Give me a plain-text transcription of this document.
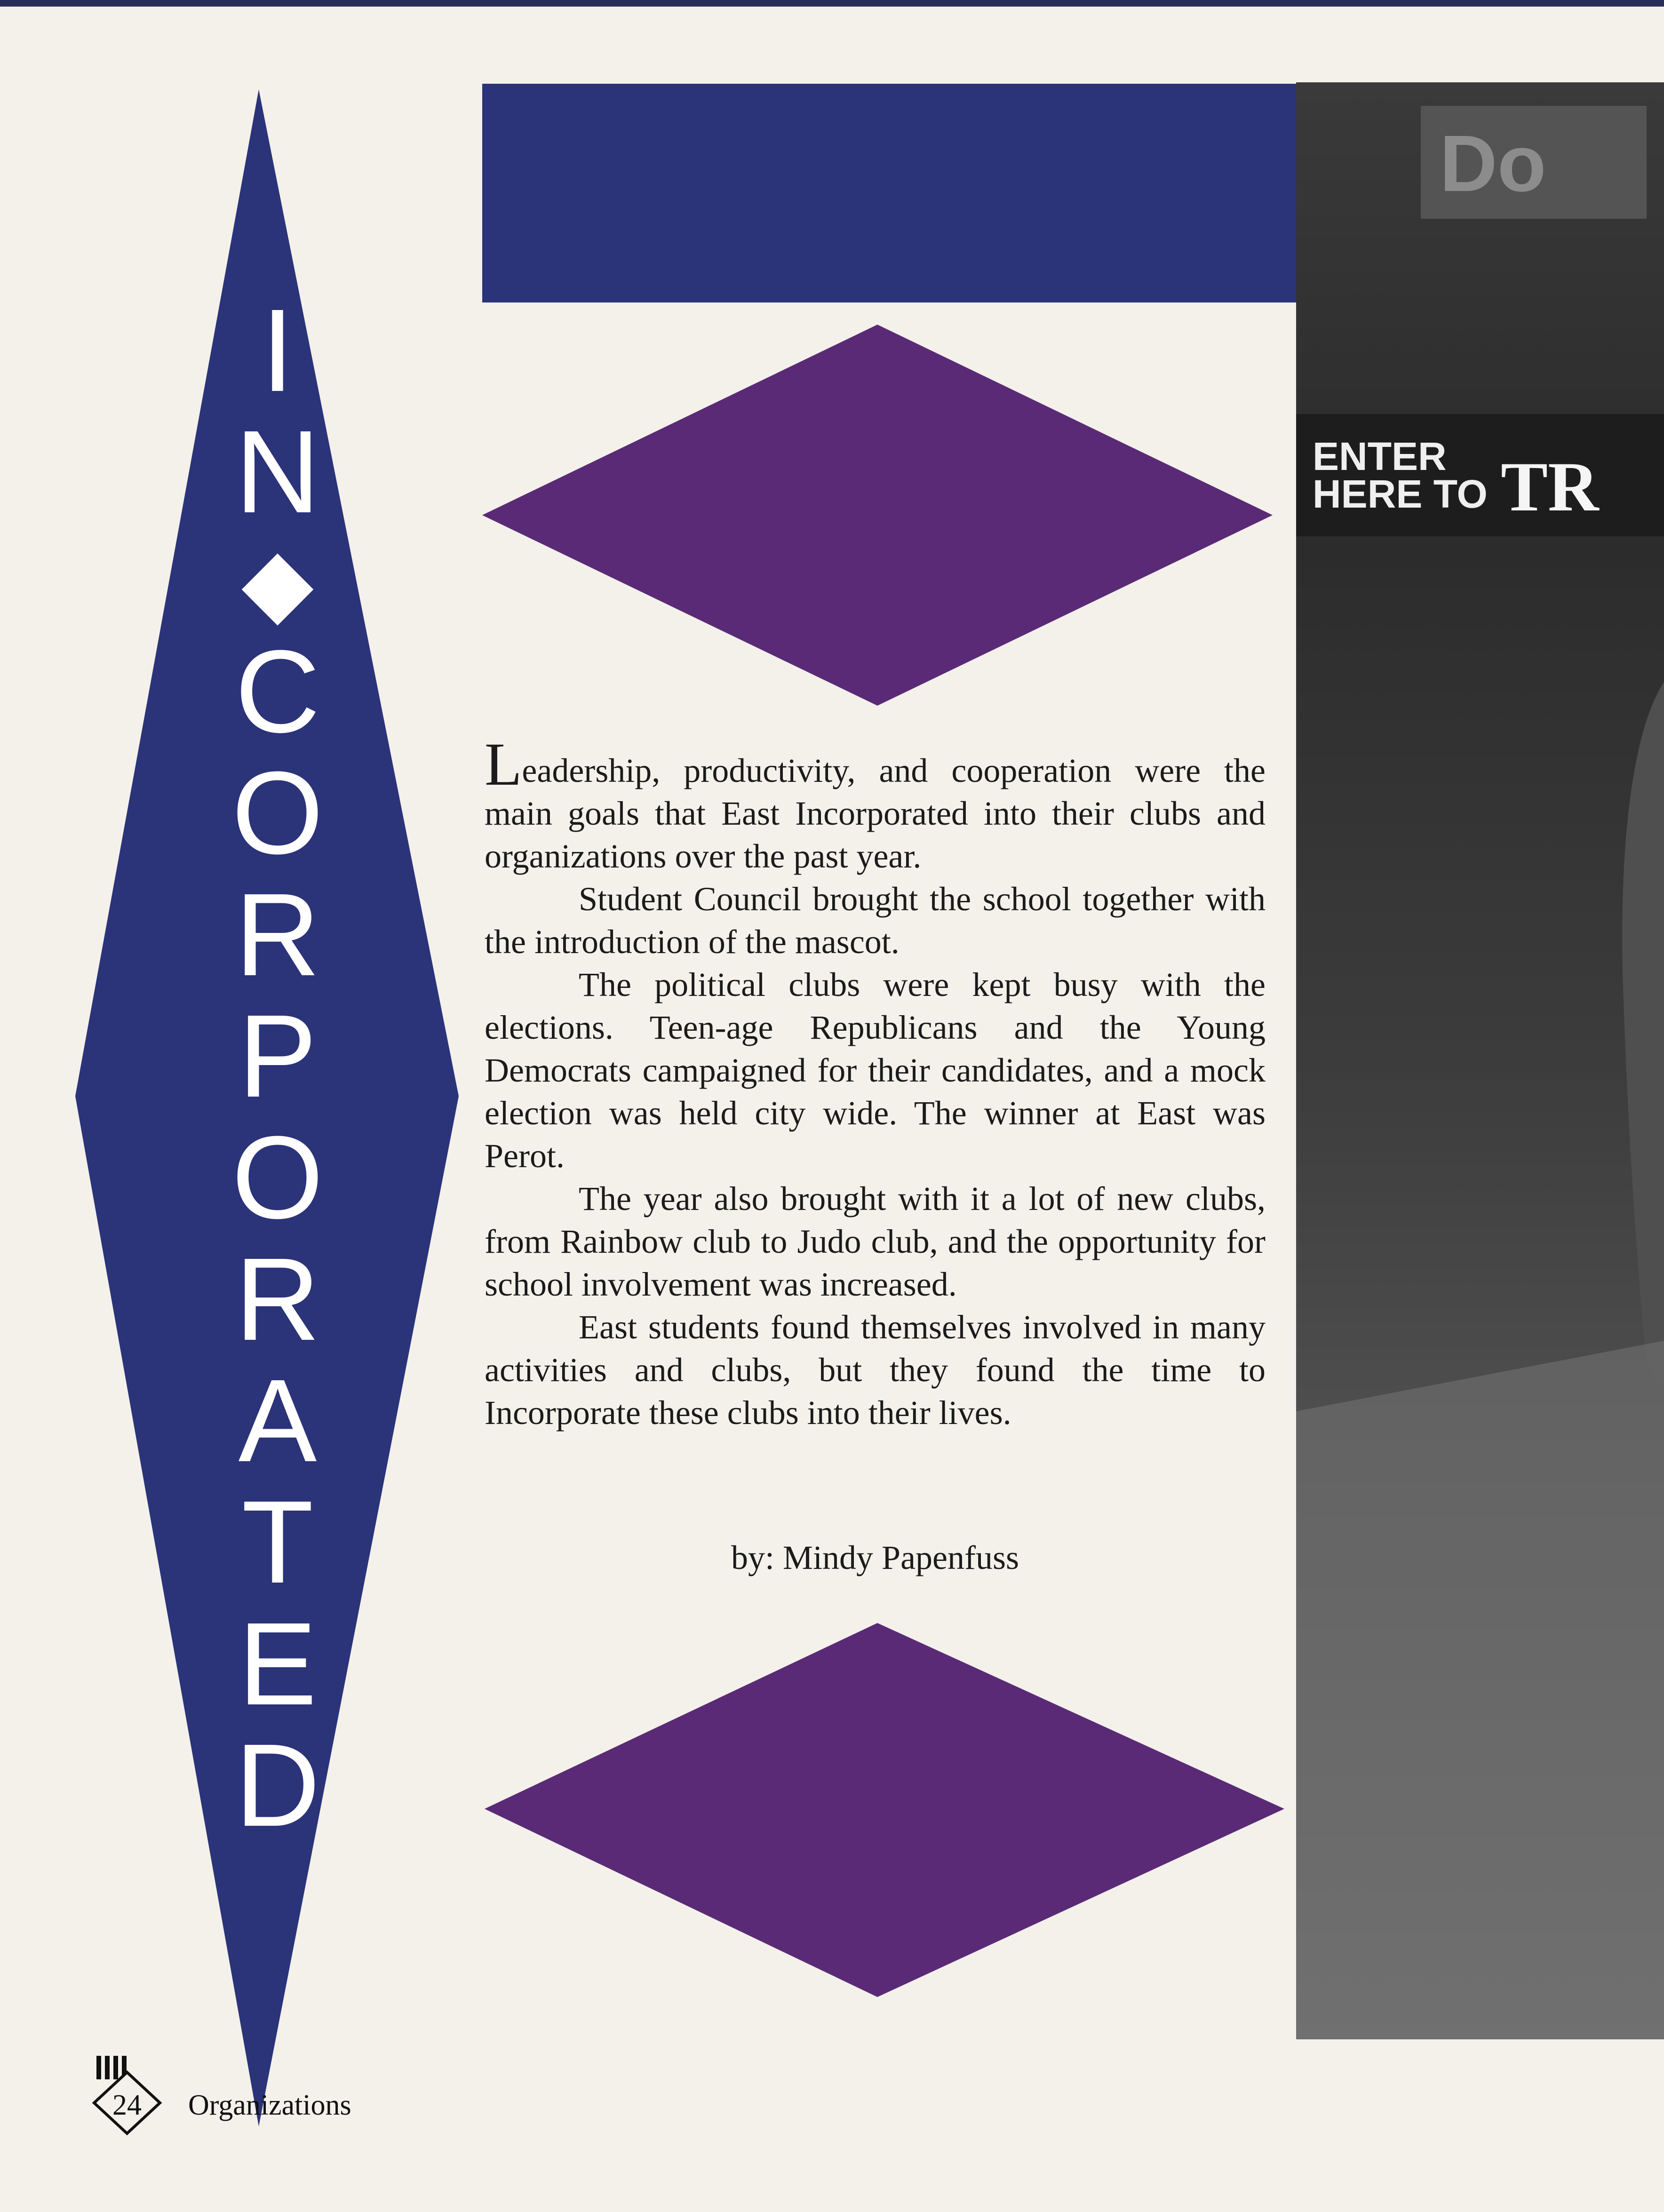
ENTER
HERE TO TR
Do
I
N
◆
C
O
R
P
O
R
A
T
E
D

Leadership, productivity, and cooperation were the main goals that East Incorporated into their clubs and organizations over the past year.

Student Council brought the school together with the introduction of the mascot.

The political clubs were kept busy with the elections. Teen-age Republicans and the Young Democrats campaigned for their candidates, and a mock election was held city wide. The winner at East was Perot.

The year also brought with it a lot of new clubs, from Rainbow club to Judo club, and the opportunity for school involvement was increased.

East students found themselves involved in many activities and clubs, but they found the time to Incorporate these clubs into their lives.

by: Mindy Papenfuss
24	Organizations
